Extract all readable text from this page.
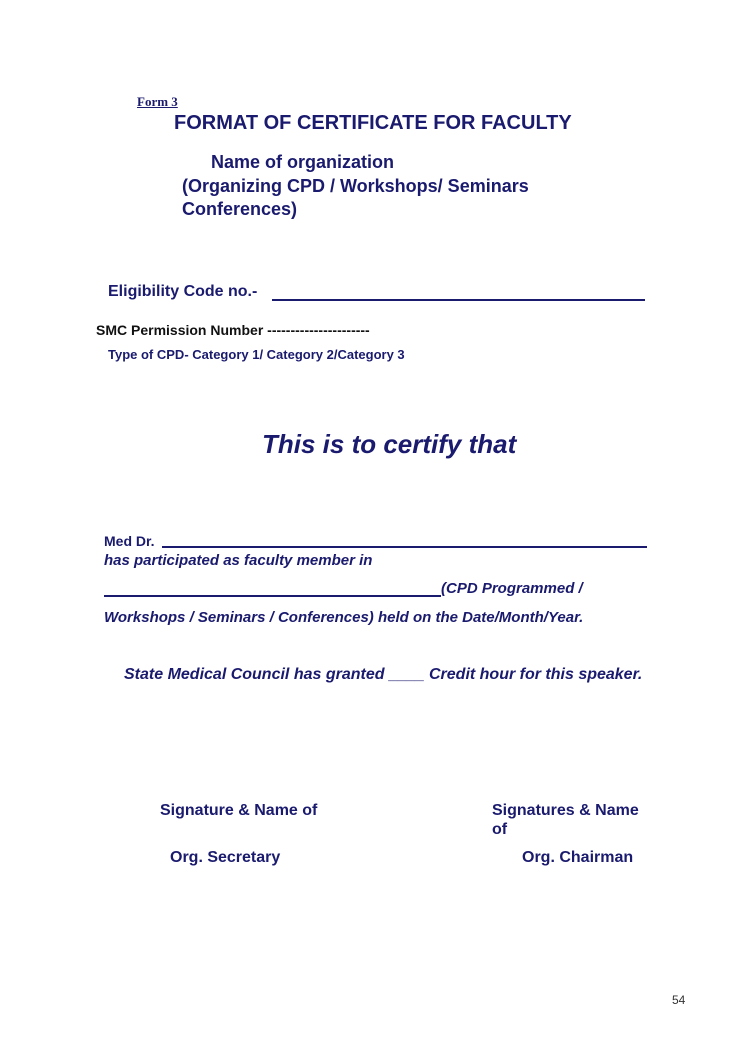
Form 3
FORMAT OF CERTIFICATE FOR FACULTY
Name of organization
(Organizing CPD / Workshops/ Seminars
Conferences)
Eligibility Code no.-
SMC Permission Number ----------------------
Type of CPD- Category 1/ Category 2/Category 3
This is to certify that
Med Dr.
has participated as faculty member in
(CPD Programmed /
Workshops / Seminars / Conferences) held on the Date/Month/Year.
State Medical Council has granted ____ Credit hour for this speaker.
Signature & Name of
Org. Secretary
Signatures & Name
of
Org. Chairman
54
